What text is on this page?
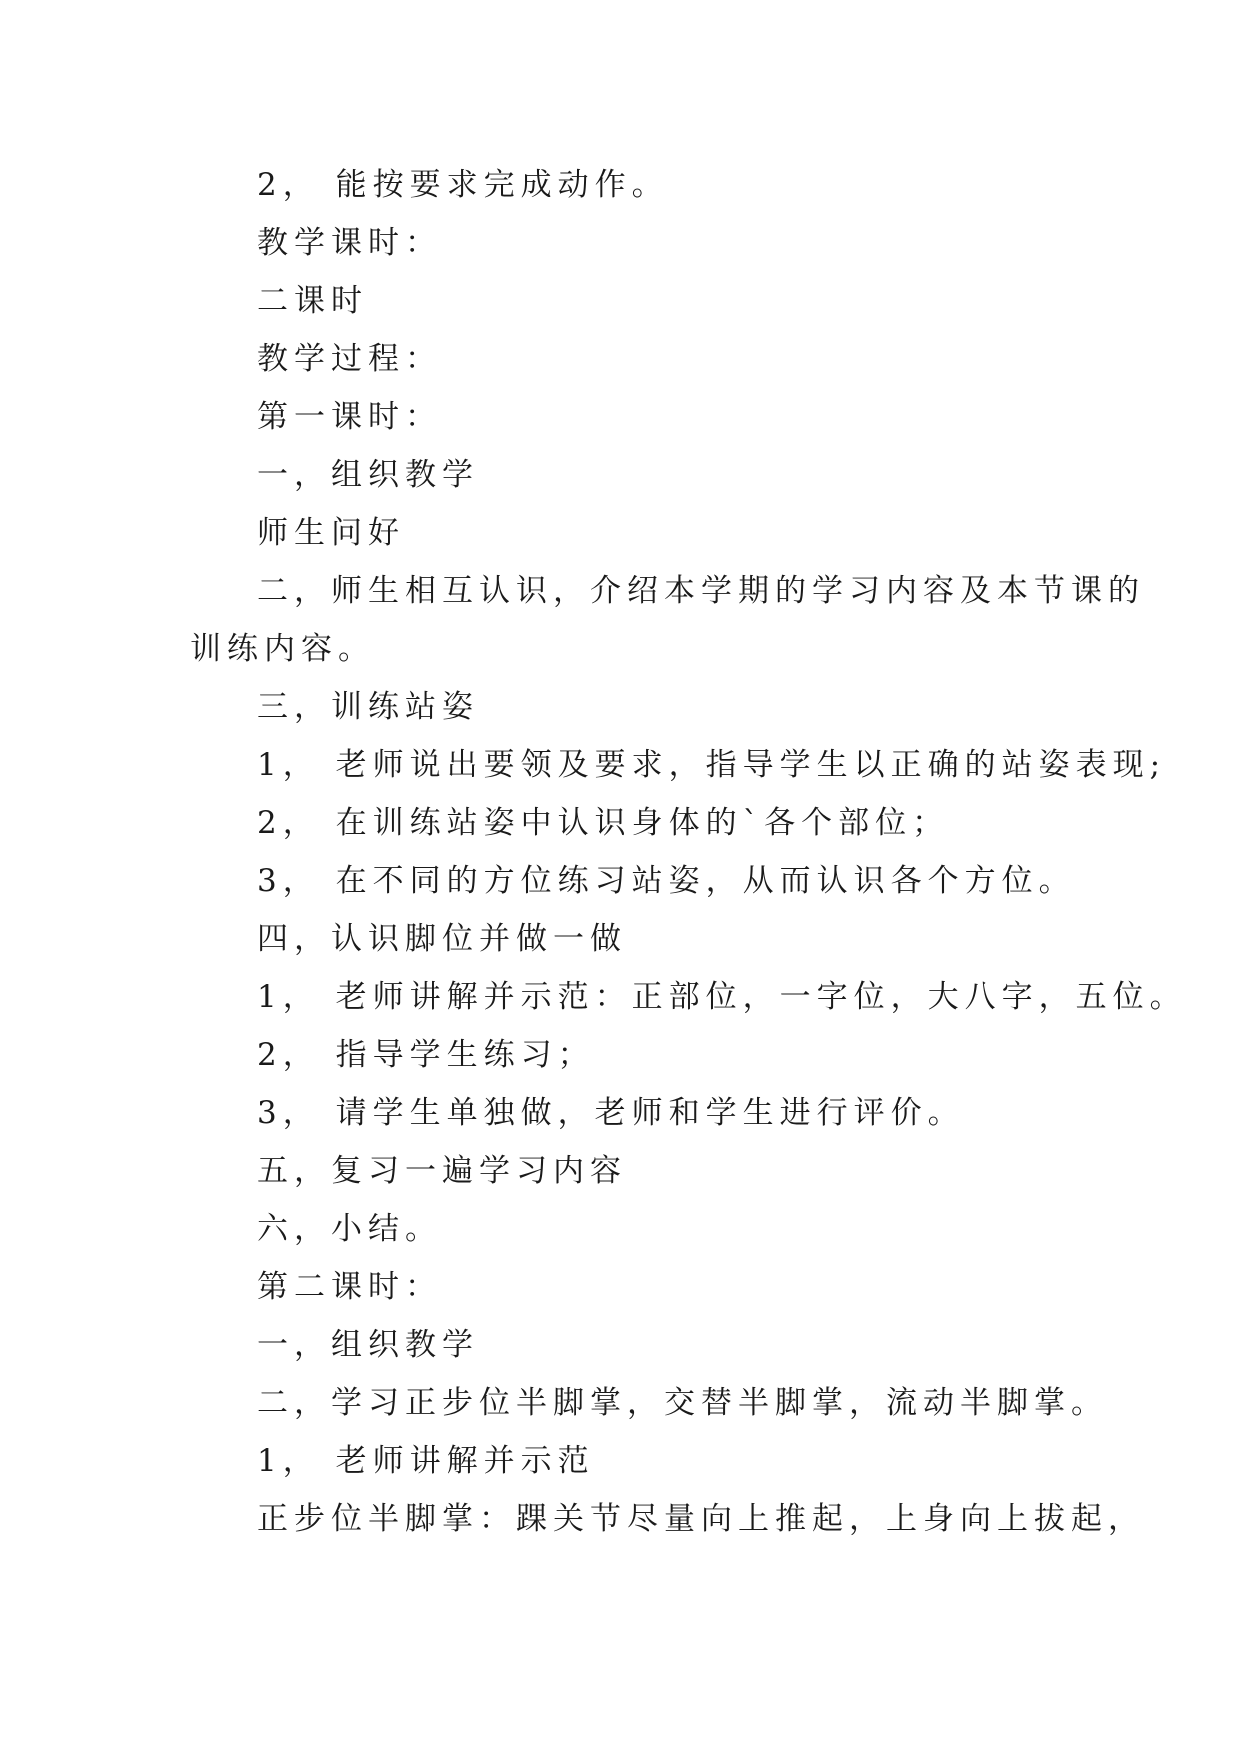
2， 能按要求完成动作。
教学课时：
二课时
教学过程：
第一课时：
一，组织教学
师生问好
二，师生相互认识，介绍本学期的学习内容及本节课的
训练内容。
三，训练站姿
1， 老师说出要领及要求，指导学生以正确的站姿表现;
2， 在训练站姿中认识身体的`各个部位；
3， 在不同的方位练习站姿，从而认识各个方位。
四，认识脚位并做一做
1， 老师讲解并示范：正部位，一字位，大八字，五位。
2， 指导学生练习；
3， 请学生单独做，老师和学生进行评价。
五，复习一遍学习内容
六，小结。
第二课时：
一，组织教学
二，学习正步位半脚掌，交替半脚掌，流动半脚掌。
1， 老师讲解并示范
正步位半脚掌：踝关节尽量向上推起，上身向上拔起，
